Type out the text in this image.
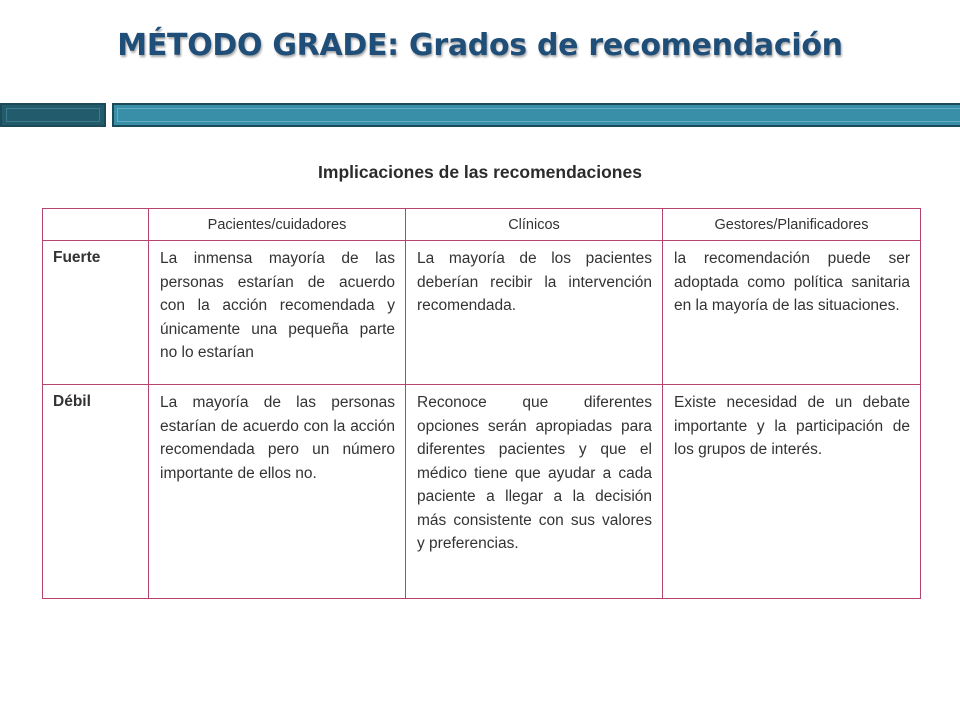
MÉTODO GRADE: Grados de recomendación
Implicaciones de las recomendaciones
	Pacientes/cuidadores	Clínicos	Gestores/Planificadores
Fuerte	La inmensa mayoría de las personas estarían de acuerdo con la acción recomendada y únicamente una pequeña parte no lo estarían	La mayoría de los pacientes deberían recibir la intervención recomendada.	la recomendación puede ser adoptada como política sanitaria en la mayoría de las situaciones.
Débil	La mayoría de las personas estarían de acuerdo con la acción recomendada pero un número importante de ellos no.	Reconoce que diferentes opciones serán apropiadas para diferentes pacientes y que el médico tiene que ayudar a cada paciente a llegar a la decisión más consistente con sus valores y preferencias.	Existe necesidad de un debate importante y la participación de los grupos de interés.
